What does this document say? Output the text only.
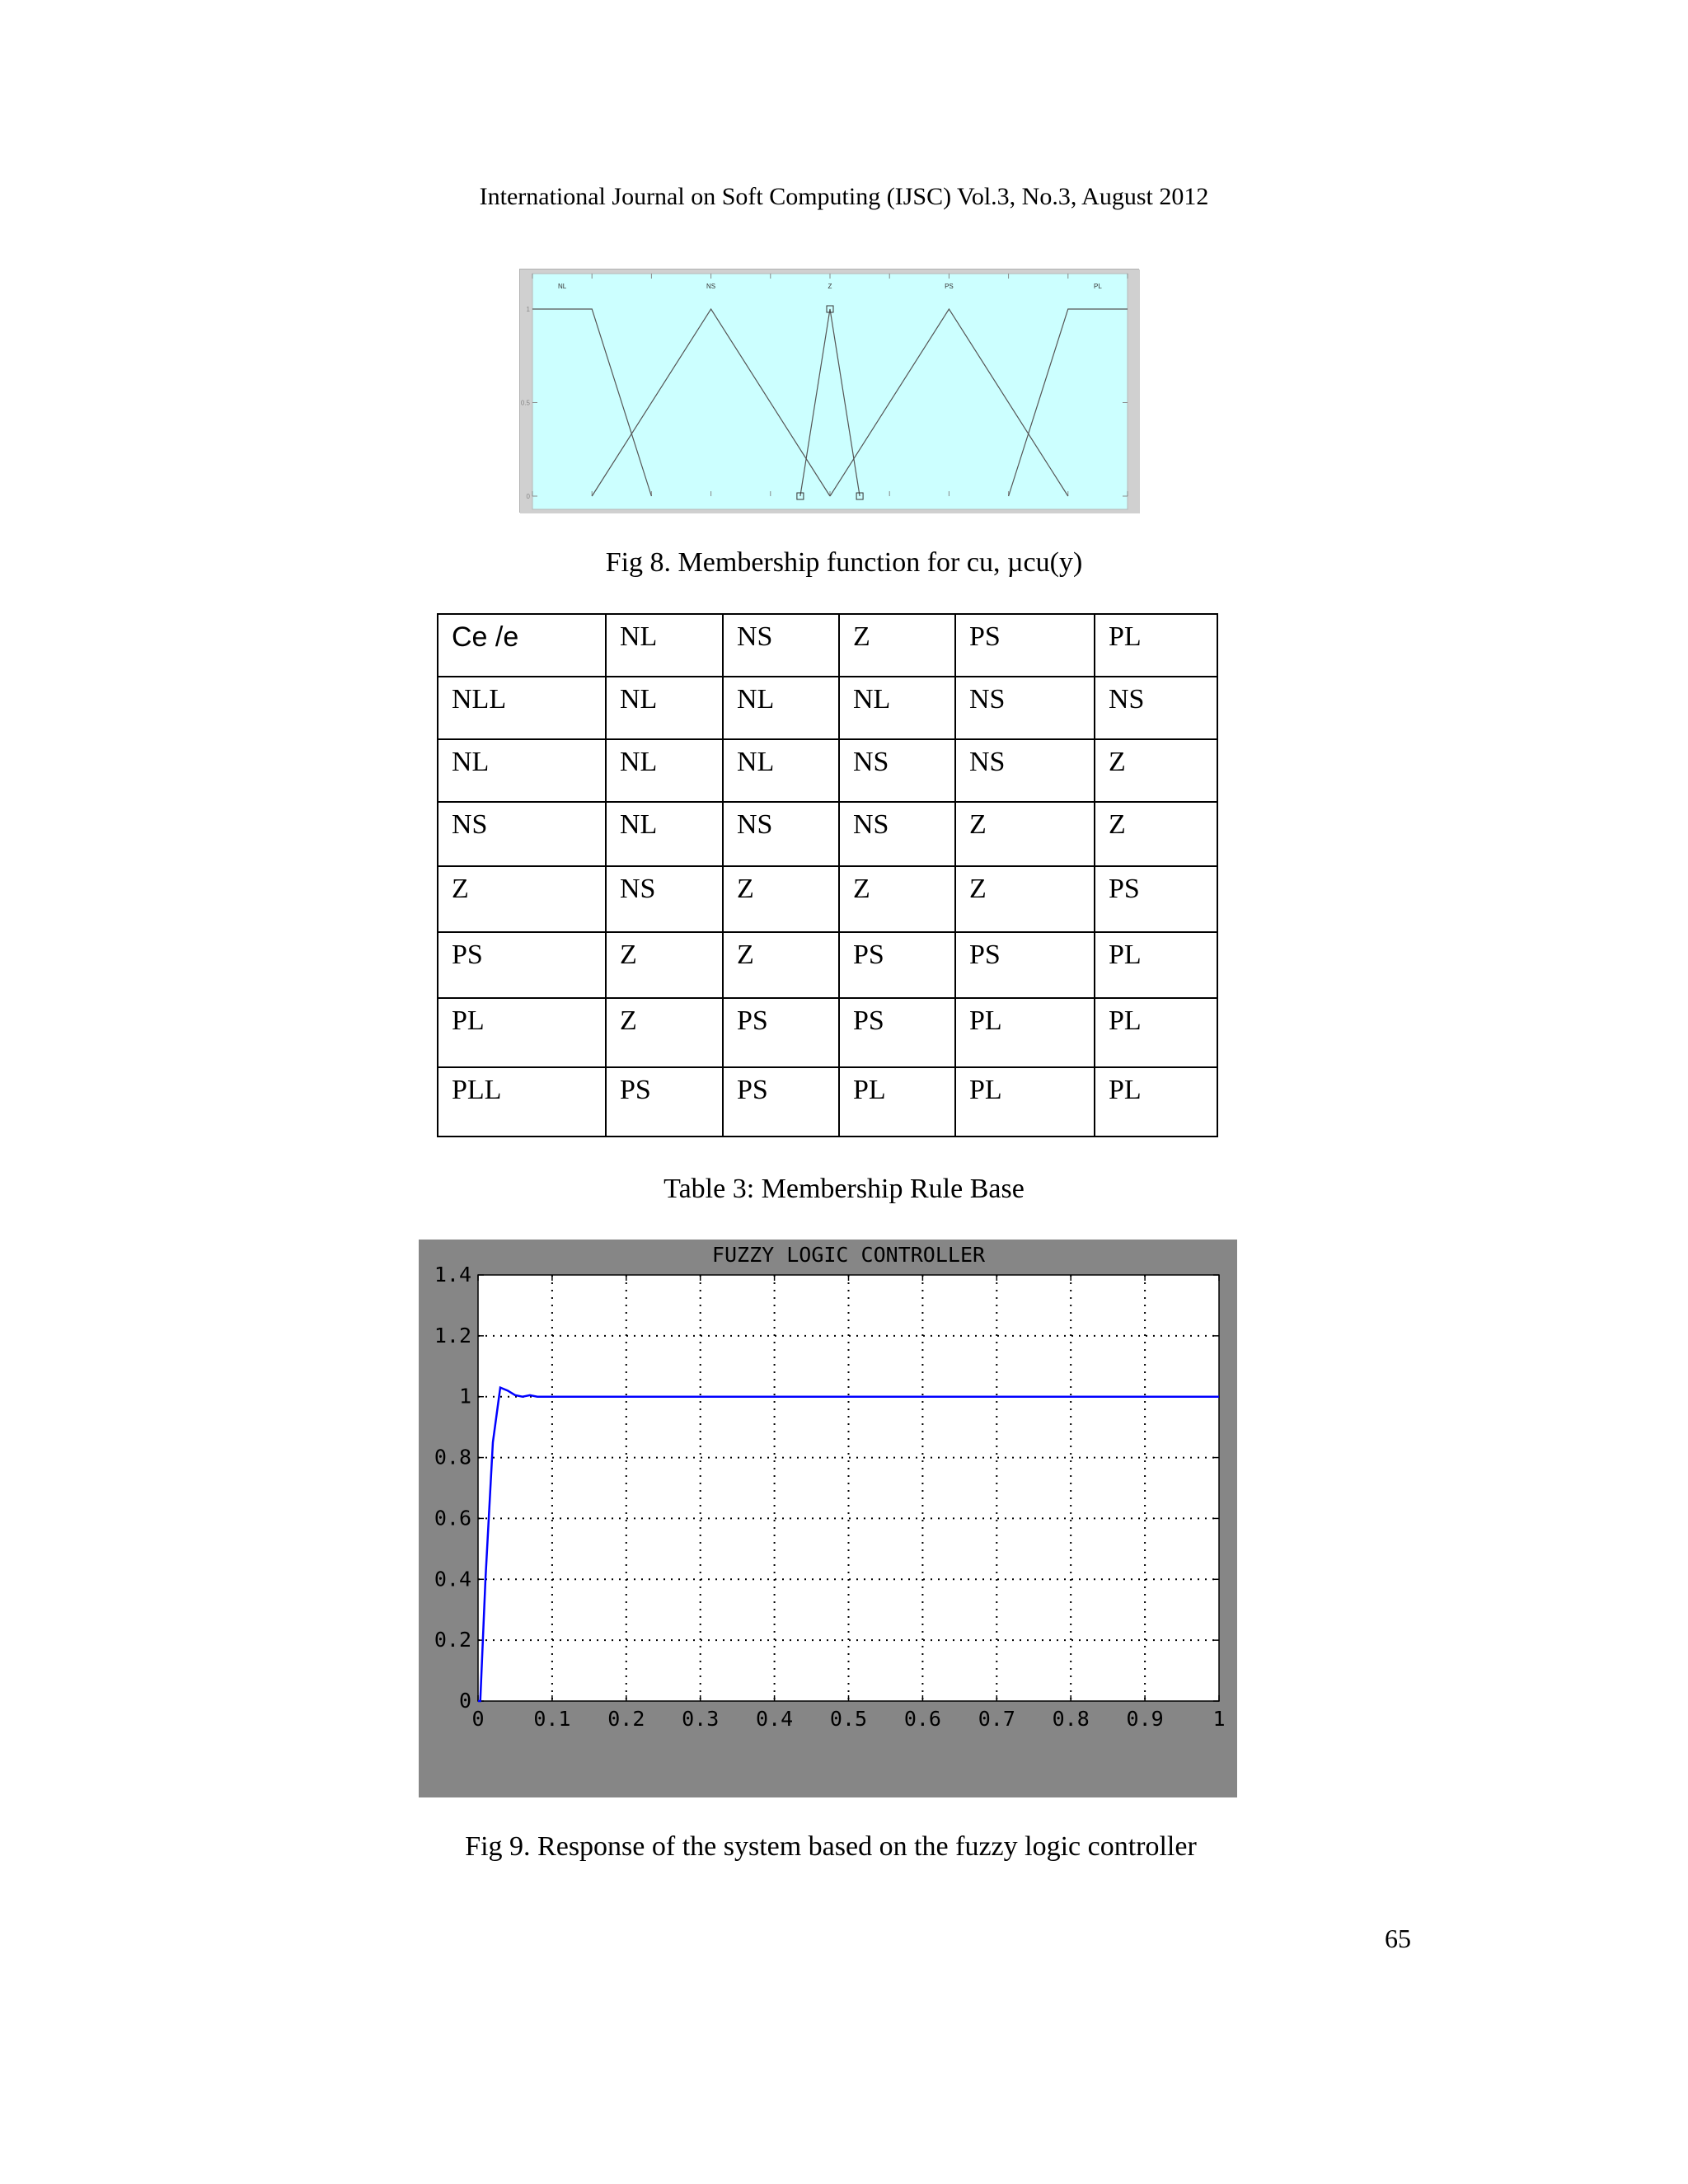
International Journal on Soft Computing (IJSC) Vol.3, No.3, August 2012
0
0.5
1
NL	NS	Z	PS	PL
Fig 8. Membership function for cu, µcu(y)
Ce /e	NL	NS	Z	PS	PL
NLL	NL	NL	NL	NS	NS
NL	NL	NL	NS	NS	Z
NS	NL	NS	NS	Z	Z
Z	NS	Z	Z	Z	PS
PS	Z	Z	PS	PS	PL
PL	Z	PS	PS	PL	PL
PLL	PS	PS	PL	PL	PL
Table 3: Membership Rule Base
FUZZY LOGIC CONTROLLER
0 0.1 0.2 0.3 0.4 0.5 0.6 0.7 0.8 0.9 1
0
0.2
0.4
0.6
0.8
1
1.2
1.4
Fig 9. Response of the system based on the fuzzy logic controller
65
